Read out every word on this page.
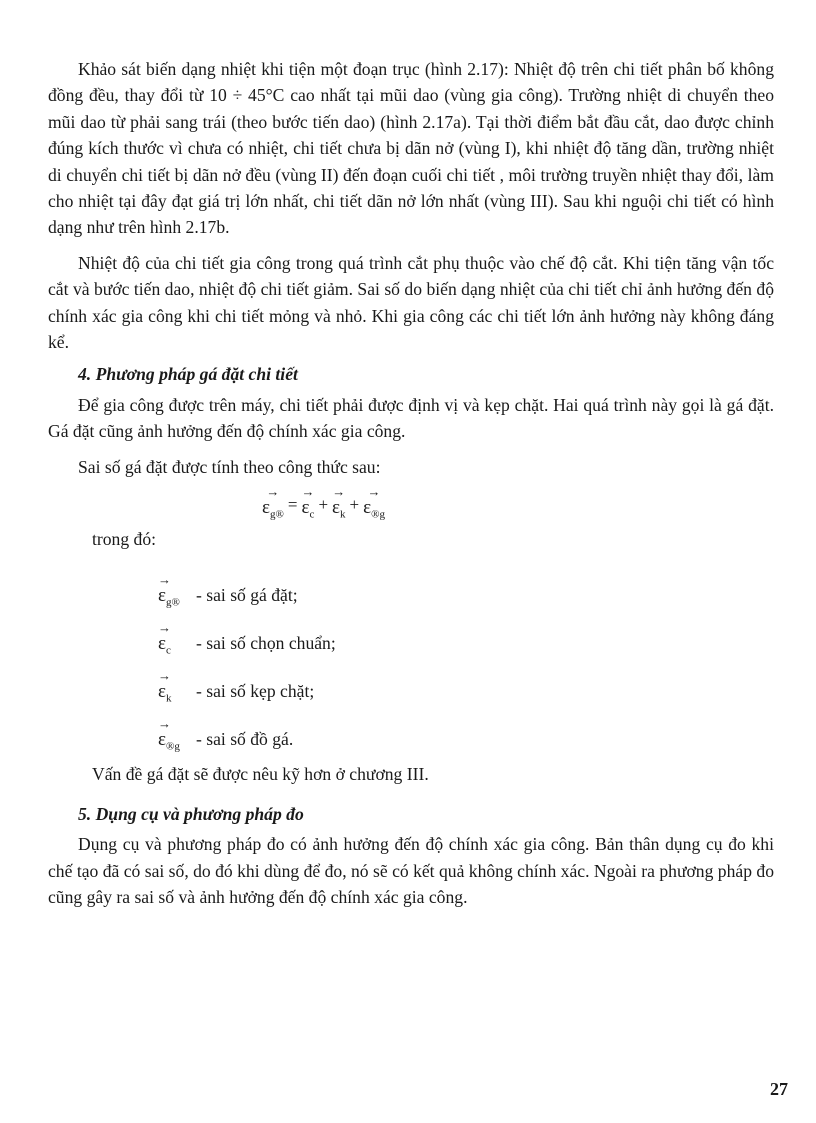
Khảo sát biến dạng nhiệt khi tiện một đoạn trục (hình 2.17): Nhiệt độ trên chi tiết phân bố không đồng đều, thay đổi từ 10 ÷ 45°C cao nhất tại mũi dao (vùng gia công). Trường nhiệt di chuyển theo mũi dao từ phải sang trái (theo bước tiến dao) (hình 2.17a). Tại thời điểm bắt đầu cắt, dao được chỉnh đúng kích thước vì chưa có nhiệt, chi tiết chưa bị dãn nở (vùng I), khi nhiệt độ tăng dần, trường nhiệt di chuyển chi tiết bị dãn nở đều (vùng II) đến đoạn cuối chi tiết , môi trường truyền nhiệt thay đổi, làm cho nhiệt tại đây đạt giá trị lớn nhất, chi tiết dãn nở lớn nhất (vùng III). Sau khi nguội chi tiết có hình dạng như trên hình 2.17b.

Nhiệt độ của chi tiết gia công trong quá trình cắt phụ thuộc vào chế độ cắt. Khi tiện tăng vận tốc cắt và bước tiến dao, nhiệt độ chi tiết giảm. Sai số do biến dạng nhiệt của chi tiết chỉ ảnh hưởng đến độ chính xác gia công khi chi tiết mỏng và nhỏ. Khi gia công các chi tiết lớn ảnh hưởng này không đáng kể.

4. Phương pháp gá đặt chi tiết

Để gia công được trên máy, chi tiết phải được định vị và kẹp chặt. Hai quá trình này gọi là gá đặt. Gá đặt cũng ảnh hưởng đến độ chính xác gia công.

Sai số gá đặt được tính theo công thức sau:

→
$\varepsilon_{g®}$
=
→
$\varepsilon_c$
+
→
$\varepsilon_k$
+
→
$\varepsilon_{®g}$
trong đó:
→
$\varepsilon_{g®}$ - sai số gá đặt;
→
$\varepsilon_c$ - sai số chọn chuẩn;
→
$\varepsilon_k$ - sai số kẹp chặt;
→
$\varepsilon_{®g}$ - sai số đồ gá.
Vấn đề gá đặt sẽ được nêu kỹ hơn ở chương III.
5. Dụng cụ và phương pháp đo

Dụng cụ và phương pháp đo có ảnh hưởng đến độ chính xác gia công. Bản thân dụng cụ đo khi chế tạo đã có sai số, do đó khi dùng để đo, nó sẽ có kết quả không chính xác. Ngoài ra phương pháp đo cũng gây ra sai số và ảnh hưởng đến độ chính xác gia công.

27
